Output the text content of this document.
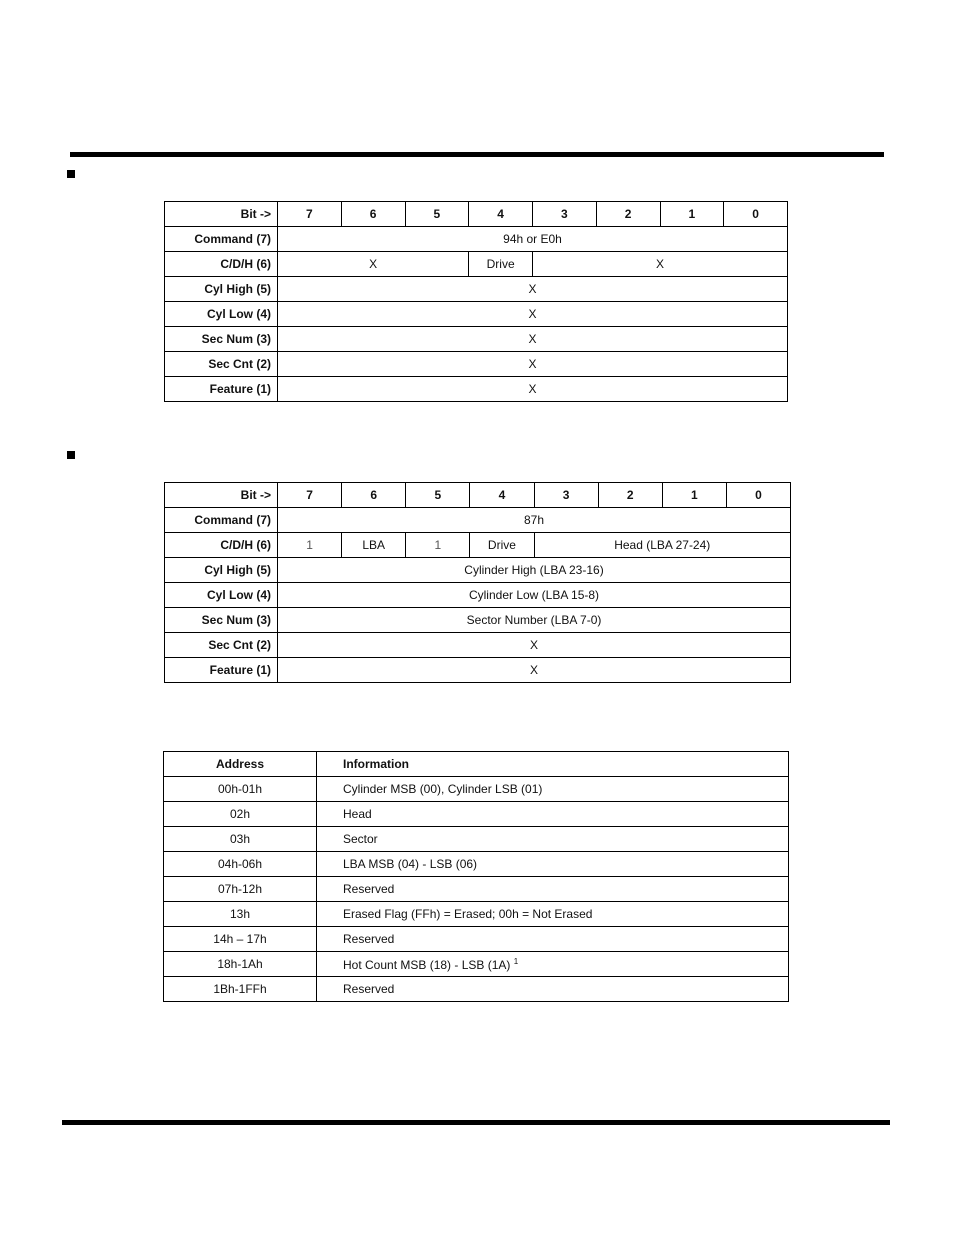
Bit ->	7	6	5	4	3	2	1	0
Command (7)	94h or E0h							
C/D/H (6)	X			Drive	X			
Cyl High (5)	X							
Cyl Low (4)	X							
Sec Num (3)	X							
Sec Cnt (2)	X							
Feature (1)	X							
Bit ->	7	6	5	4	3	2	1	0
Command (7)	87h							
C/D/H (6)	1	LBA	1	Drive	Head (LBA 27-24)			
Cyl High (5)	Cylinder High (LBA 23-16)							
Cyl Low (4)	Cylinder Low (LBA 15-8)							
Sec Num (3)	Sector Number (LBA 7-0)							
Sec Cnt (2)	X							
Feature (1)	X							
Address	Information
00h-01h	Cylinder MSB (00), Cylinder LSB (01)
02h	Head
03h	Sector
04h-06h	LBA MSB (04) - LSB (06)
07h-12h	Reserved
13h	Erased Flag (FFh) = Erased; 00h = Not Erased
14h – 17h	Reserved
18h-1Ah	Hot Count MSB (18) - LSB (1A) $^1$
1Bh-1FFh	Reserved
